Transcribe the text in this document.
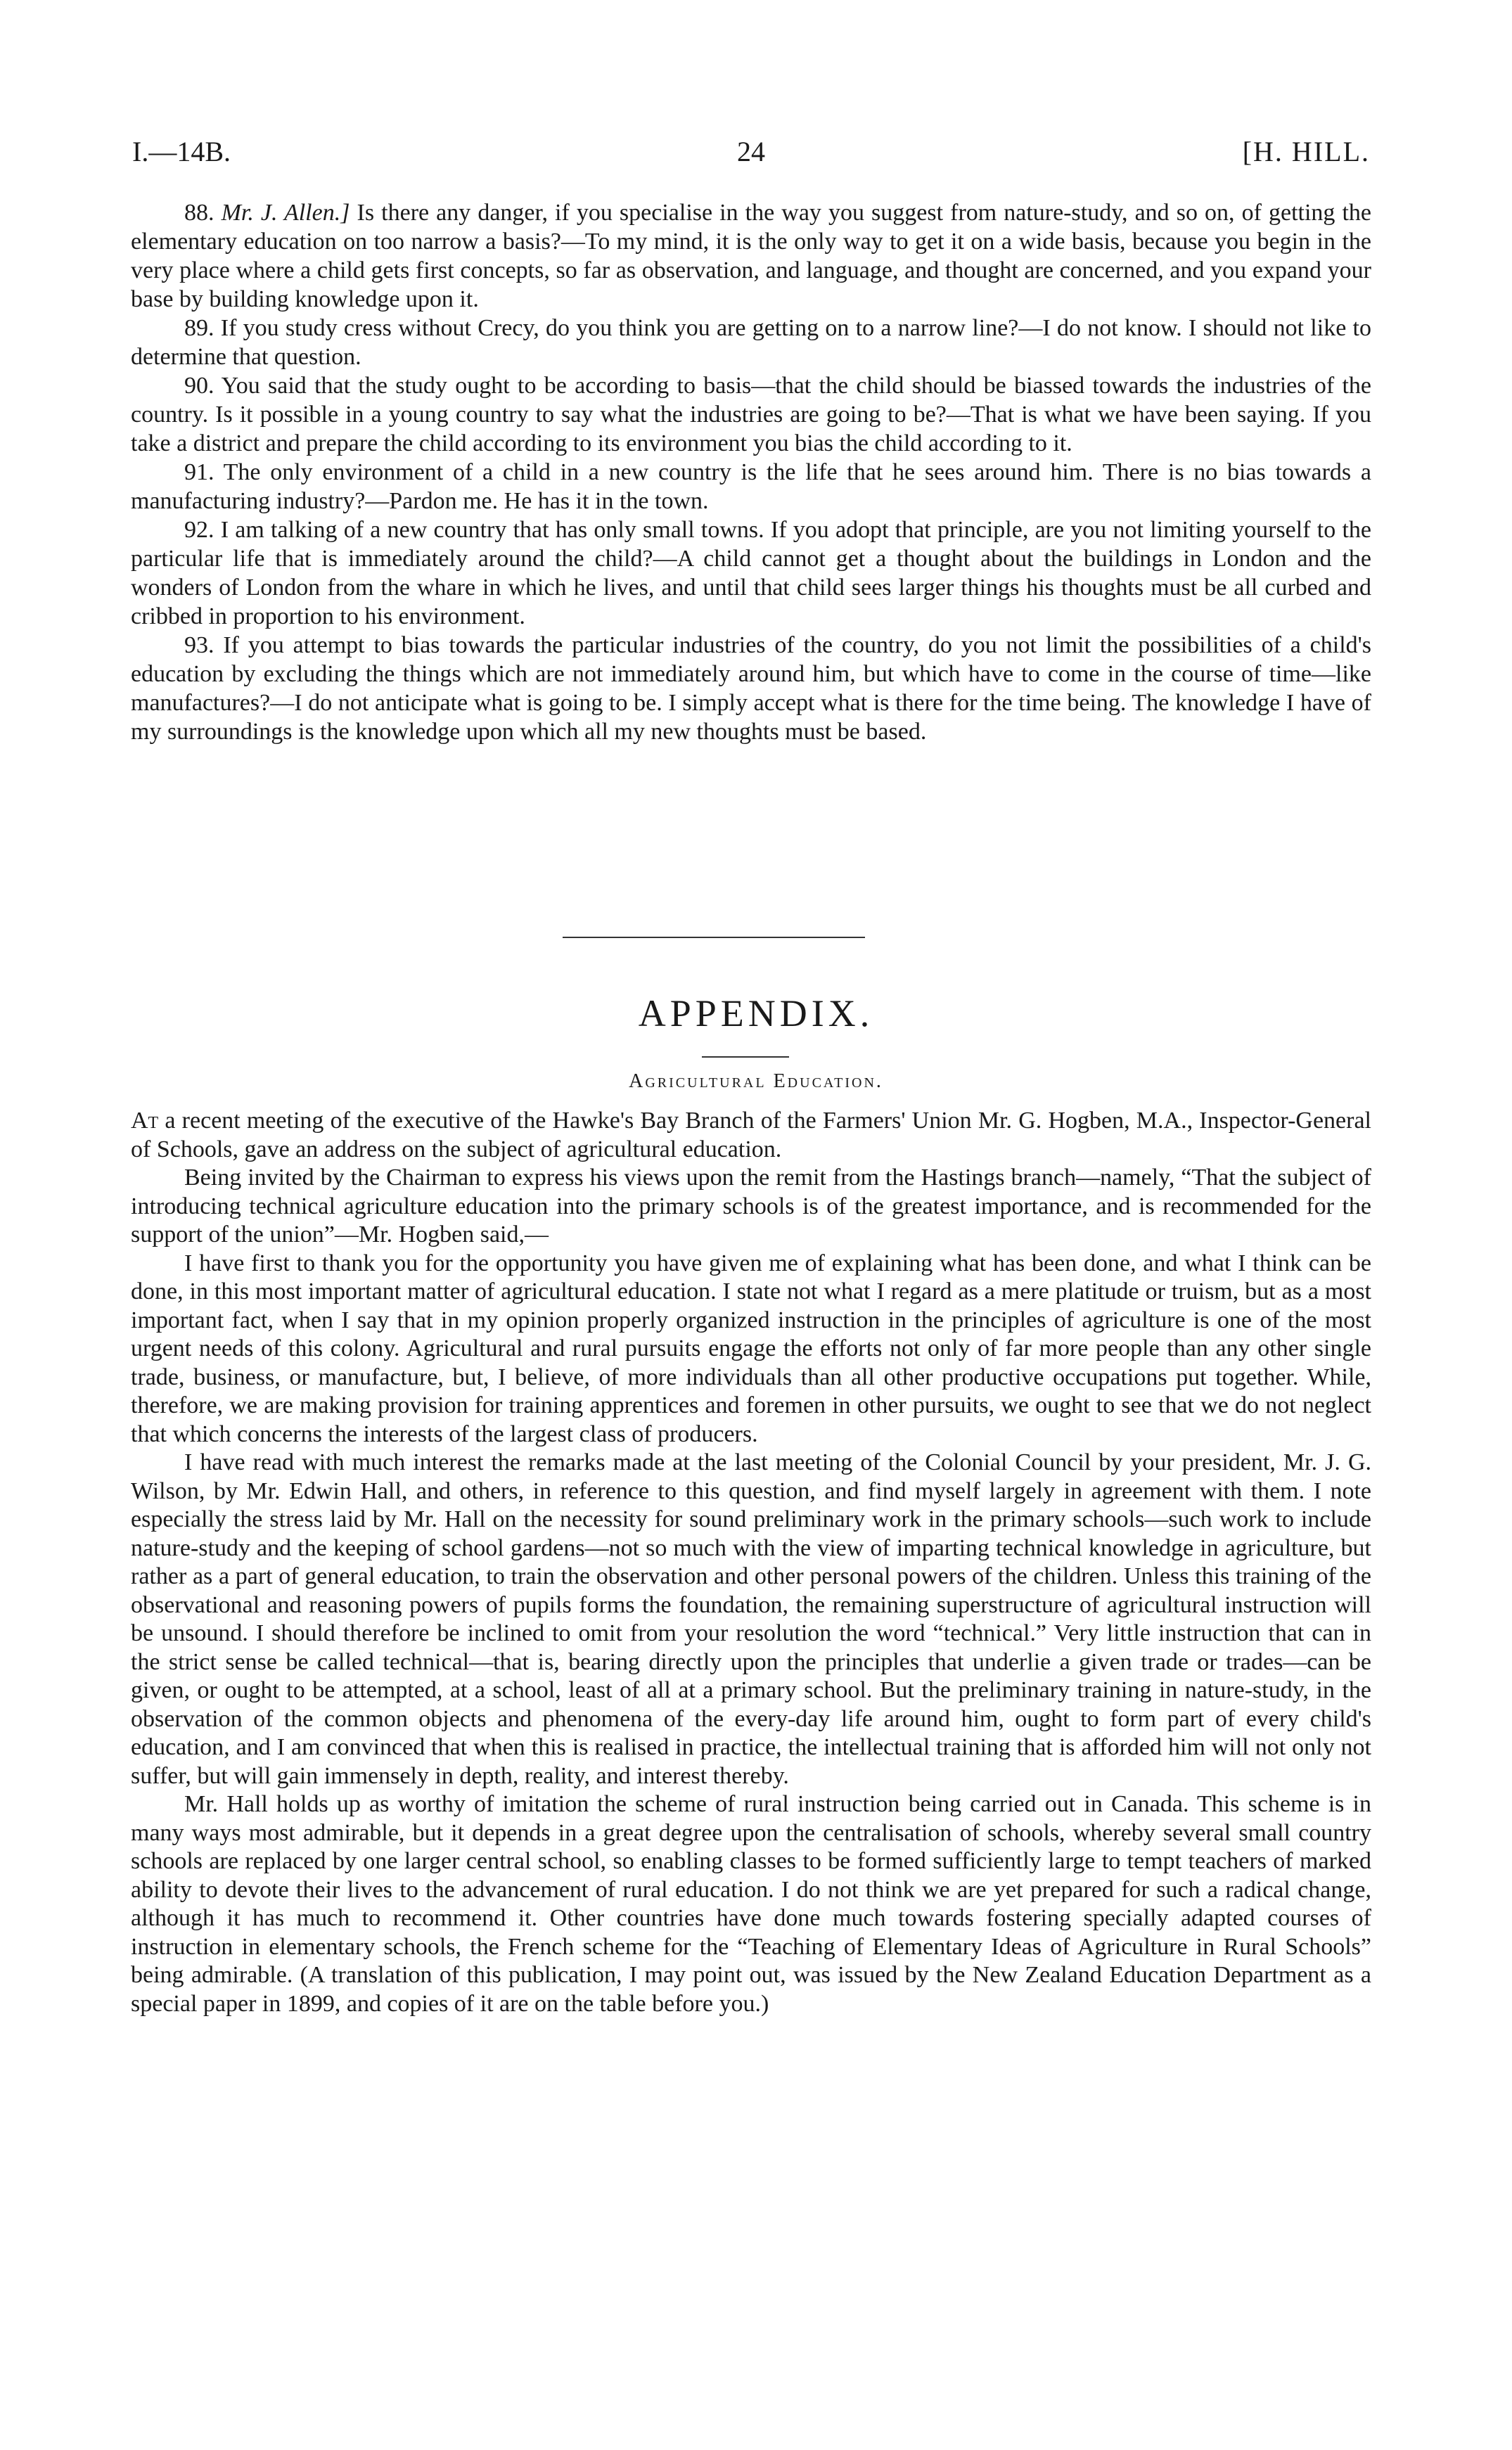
I.—14B.	24	[H. HILL.

88. Mr. J. Allen.] Is there any danger, if you specialise in the way you suggest from nature-study, and so on, of getting the elementary education on too narrow a basis?—To my mind, it is the only way to get it on a wide basis, because you begin in the very place where a child gets first concepts, so far as observation, and language, and thought are concerned, and you expand your base by building knowledge upon it.

89. If you study cress without Crecy, do you think you are getting on to a narrow line?—I do not know. I should not like to determine that question.

90. You said that the study ought to be according to basis—that the child should be biassed towards the industries of the country. Is it possible in a young country to say what the industries are going to be?—That is what we have been saying. If you take a district and prepare the child according to its environment you bias the child according to it.

91. The only environment of a child in a new country is the life that he sees around him. There is no bias towards a manufacturing industry?—Pardon me. He has it in the town.

92. I am talking of a new country that has only small towns. If you adopt that principle, are you not limiting yourself to the particular life that is immediately around the child?—A child cannot get a thought about the buildings in London and the wonders of London from the whare in which he lives, and until that child sees larger things his thoughts must be all curbed and cribbed in proportion to his environment.

93. If you attempt to bias towards the particular industries of the country, do you not limit the possibilities of a child's education by excluding the things which are not immediately around him, but which have to come in the course of time—like manufactures?—I do not anticipate what is going to be. I simply accept what is there for the time being. The knowledge I have of my surroundings is the knowledge upon which all my new thoughts must be based.

APPENDIX.
Agricultural Education.

At a recent meeting of the executive of the Hawke's Bay Branch of the Farmers' Union Mr. G. Hogben, M.A., Inspector-General of Schools, gave an address on the subject of agricultural education.

Being invited by the Chairman to express his views upon the remit from the Hastings branch—namely, “That the subject of introducing technical agriculture education into the primary schools is of the greatest importance, and is recommended for the support of the union”—Mr. Hogben said,—

I have first to thank you for the opportunity you have given me of explaining what has been done, and what I think can be done, in this most important matter of agricultural education. I state not what I regard as a mere platitude or truism, but as a most important fact, when I say that in my opinion properly organized instruction in the principles of agriculture is one of the most urgent needs of this colony. Agricultural and rural pursuits engage the efforts not only of far more people than any other single trade, business, or manufacture, but, I believe, of more individuals than all other productive occupations put together. While, therefore, we are making provision for training apprentices and foremen in other pursuits, we ought to see that we do not neglect that which concerns the interests of the largest class of producers.

I have read with much interest the remarks made at the last meeting of the Colonial Council by your president, Mr. J. G. Wilson, by Mr. Edwin Hall, and others, in reference to this question, and find myself largely in agreement with them. I note especially the stress laid by Mr. Hall on the necessity for sound preliminary work in the primary schools—such work to include nature-study and the keeping of school gardens—not so much with the view of imparting technical knowledge in agriculture, but rather as a part of general education, to train the observation and other personal powers of the children. Unless this training of the observational and reasoning powers of pupils forms the foundation, the remaining superstructure of agricultural instruction will be unsound. I should therefore be inclined to omit from your resolution the word “technical.” Very little instruction that can in the strict sense be called technical—that is, bearing directly upon the principles that underlie a given trade or trades—can be given, or ought to be attempted, at a school, least of all at a primary school. But the preliminary training in nature-study, in the observation of the common objects and phenomena of the every-day life around him, ought to form part of every child's education, and I am convinced that when this is realised in practice, the intellectual training that is afforded him will not only not suffer, but will gain immensely in depth, reality, and interest thereby.

Mr. Hall holds up as worthy of imitation the scheme of rural instruction being carried out in Canada. This scheme is in many ways most admirable, but it depends in a great degree upon the centralisation of schools, whereby several small country schools are replaced by one larger central school, so enabling classes to be formed sufficiently large to tempt teachers of marked ability to devote their lives to the advancement of rural education. I do not think we are yet prepared for such a radical change, although it has much to recommend it. Other countries have done much towards fostering specially adapted courses of instruction in elementary schools, the French scheme for the “Teaching of Elementary Ideas of Agriculture in Rural Schools” being admirable. (A translation of this publication, I may point out, was issued by the New Zealand Education Department as a special paper in 1899, and copies of it are on the table before you.)
